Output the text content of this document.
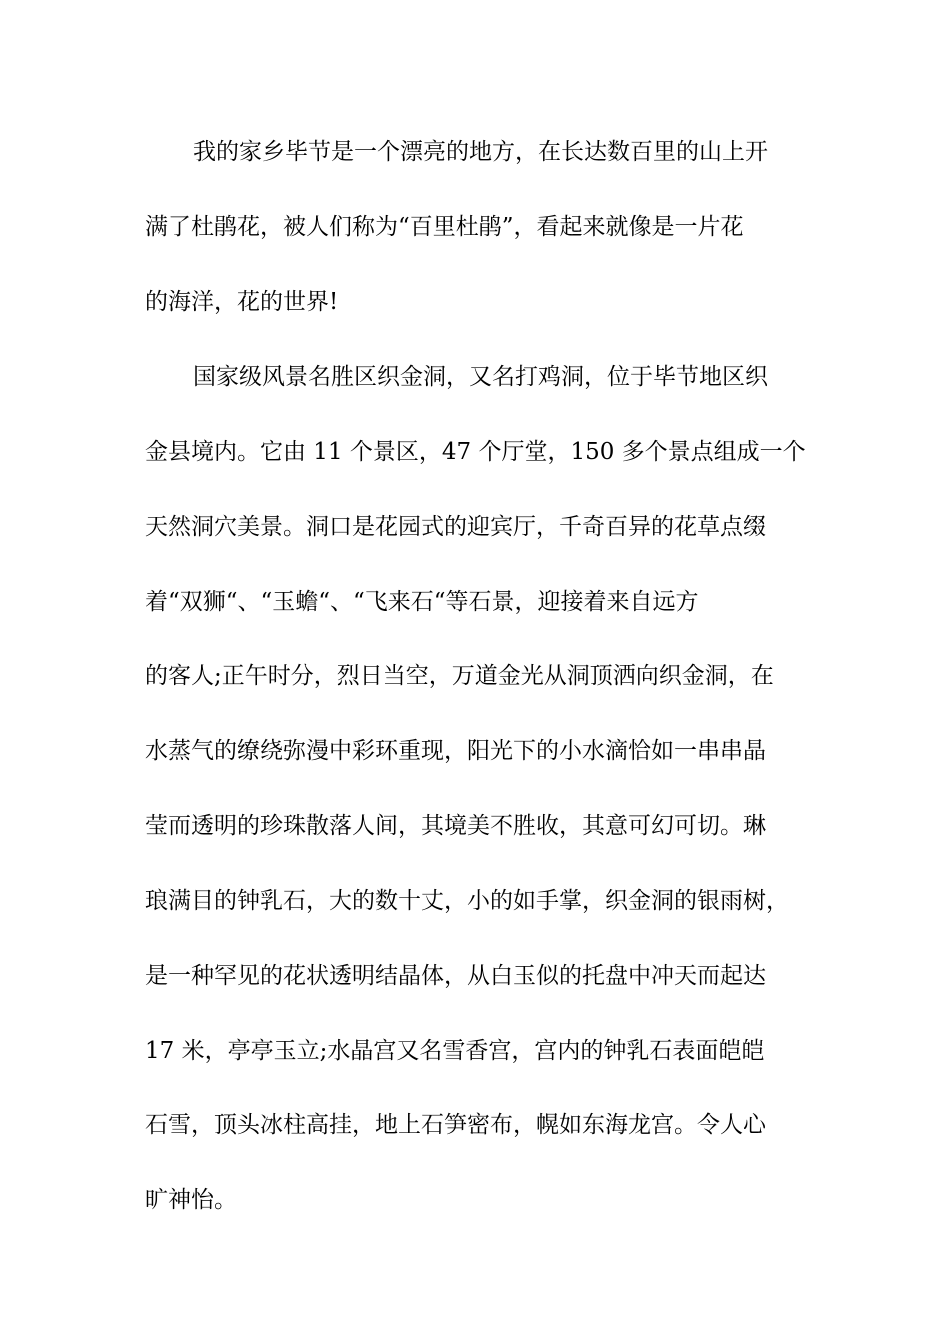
我的家乡毕节是一个漂亮的地方，在长达数百里的山上开

满了杜鹃花，被人们称为“百里杜鹃”，看起来就像是一片花

的海洋，花的世界!

国家级风景名胜区织金洞，又名打鸡洞，位于毕节地区织

金县境内。它由 11 个景区，47 个厅堂，150 多个景点组成一个

天然洞穴美景。洞口是花园式的迎宾厅，千奇百异的花草点缀

着“双狮“、“玉蟾“、“飞来石“等石景，迎接着来自远方

的客人;正午时分，烈日当空，万道金光从洞顶洒向织金洞，在

水蒸气的缭绕弥漫中彩环重现，阳光下的小水滴恰如一串串晶

莹而透明的珍珠散落人间，其境美不胜收，其意可幻可切。琳

琅满目的钟乳石，大的数十丈，小的如手掌，织金洞的银雨树，

是一种罕见的花状透明结晶体，从白玉似的托盘中冲天而起达

17 米，亭亭玉立;水晶宫又名雪香宫，宫内的钟乳石表面皑皑

石雪，顶头冰柱高挂，地上石笋密布，幌如东海龙宫。令人心

旷神怡。
